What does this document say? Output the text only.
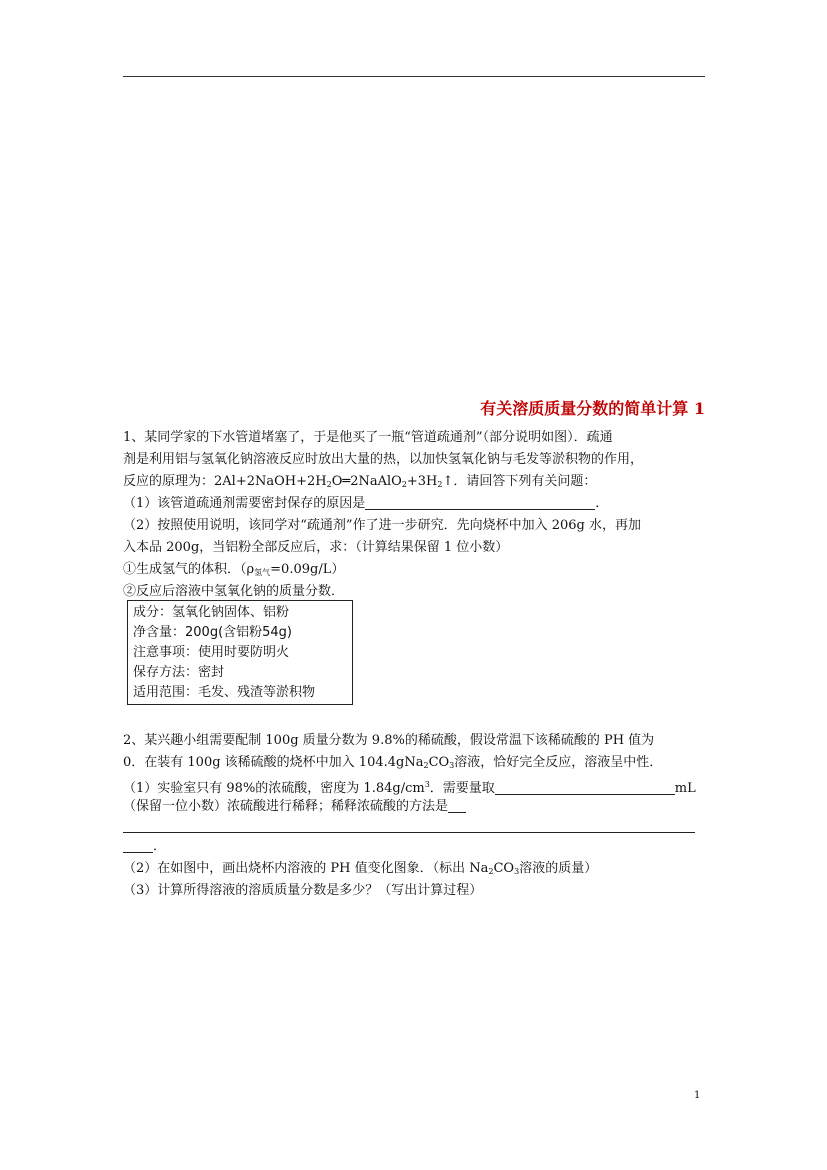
有关溶质质量分数的简单计算 1
1、某同学家的下水管道堵塞了，于是他买了一瓶“管道疏通剂”（部分说明如图）．疏通
剂是利用铝与氢氧化钠溶液反应时放出大量的热，以加快氢氧化钠与毛发等淤积物的作用，
反应的原理为：$2Al+2NaOH+2H_2O═2NaAlO_2+3H_2↑$．请回答下列有关问题：
（1）该管道疏通剂需要密封保存的原因是	．
（2）按照使用说明，该同学对“疏通剂”作了进一步研究．先向烧杯中加入 206g 水，再加
入本品 200g，当铝粉全部反应后，求：（计算结果保留 1 位小数）
①生成氢气的体积．$(\rho_{氢气}=0.09g/L)$
②反应后溶液中氢氧化钠的质量分数．
成分：氢氧化钠固体、铝粉
净含量：200g(含铝粉54g)
注意事项：使用时要防明火
保存方法：密封
适用范围：毛发、残渣等淤积物
2、某兴趣小组需要配制 100g 质量分数为 9.8%的稀硫酸，假设常温下该稀硫酸的 PH 值为
0．在装有 100g 该稀硫酸的烧杯中加入 $104.4gNa_2CO_3$溶液，恰好完全反应，溶液呈中性．
（1）实验室只有 98%的浓硫酸，密度为 $1.84g/cm^3$．需要量取	mL
（保留一位小数）浓硫酸进行稀释；稀释浓硫酸的方法是
．
（2）在如图中，画出烧杯内溶液的 PH 值变化图象．（标出 $Na_2CO_3$溶液的质量）
（3）计算所得溶液的溶质质量分数是多少？（写出计算过程）
1
